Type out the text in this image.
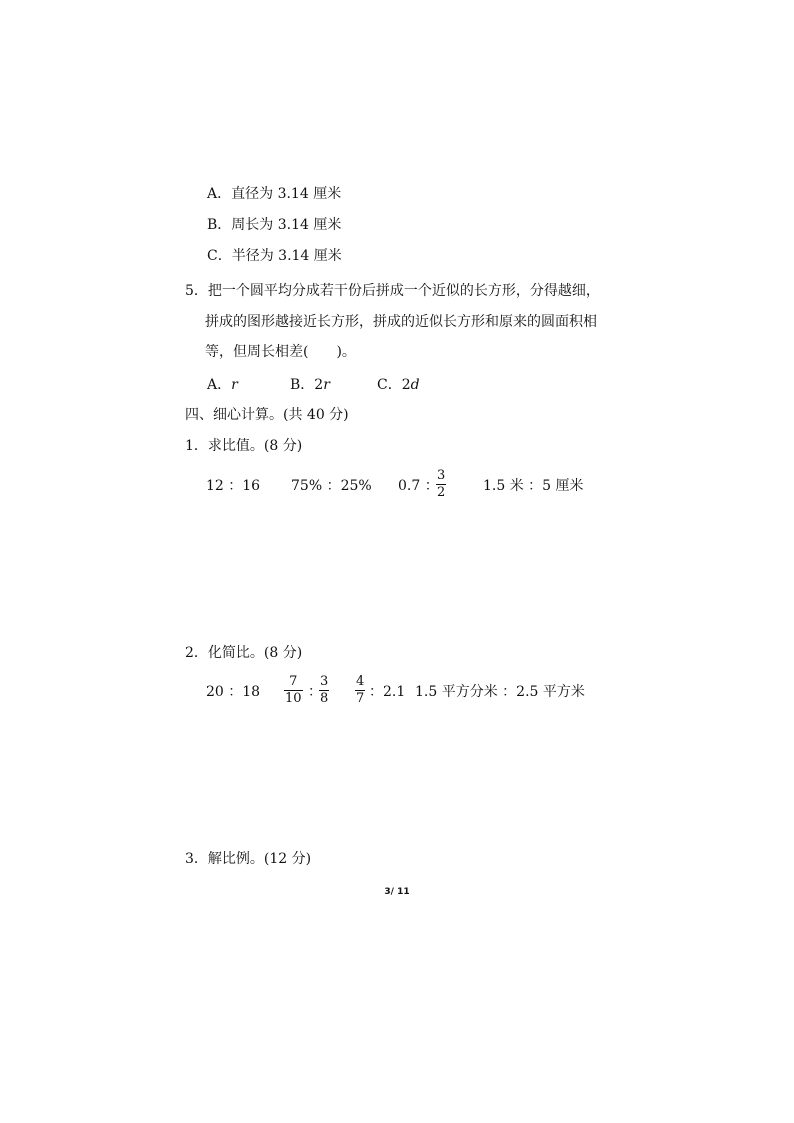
A．直径为 3.14 厘米
B．周长为 3.14 厘米
C．半径为 3.14 厘米
5．把一个圆平均分成若干份后拼成一个近似的长方形，分得越细，
拼成的图形越接近长方形，拼成的近似长方形和原来的圆面积相
等，但周长相差(　　)。
A．r	B．2r	C．2d
四、细心计算。(共 40 分)
1．求比值。(8 分)
12 ：16 75% ：25% 0.7 ：
3
2	1.5 米 ：5 厘米
2．化简比。(8 分)
20 ：18
7
10 ：
3
8
4
7 ：2.1 1.5 平方分米 ：2.5 平方米
3．解比例。(12 分)
3/ 11
